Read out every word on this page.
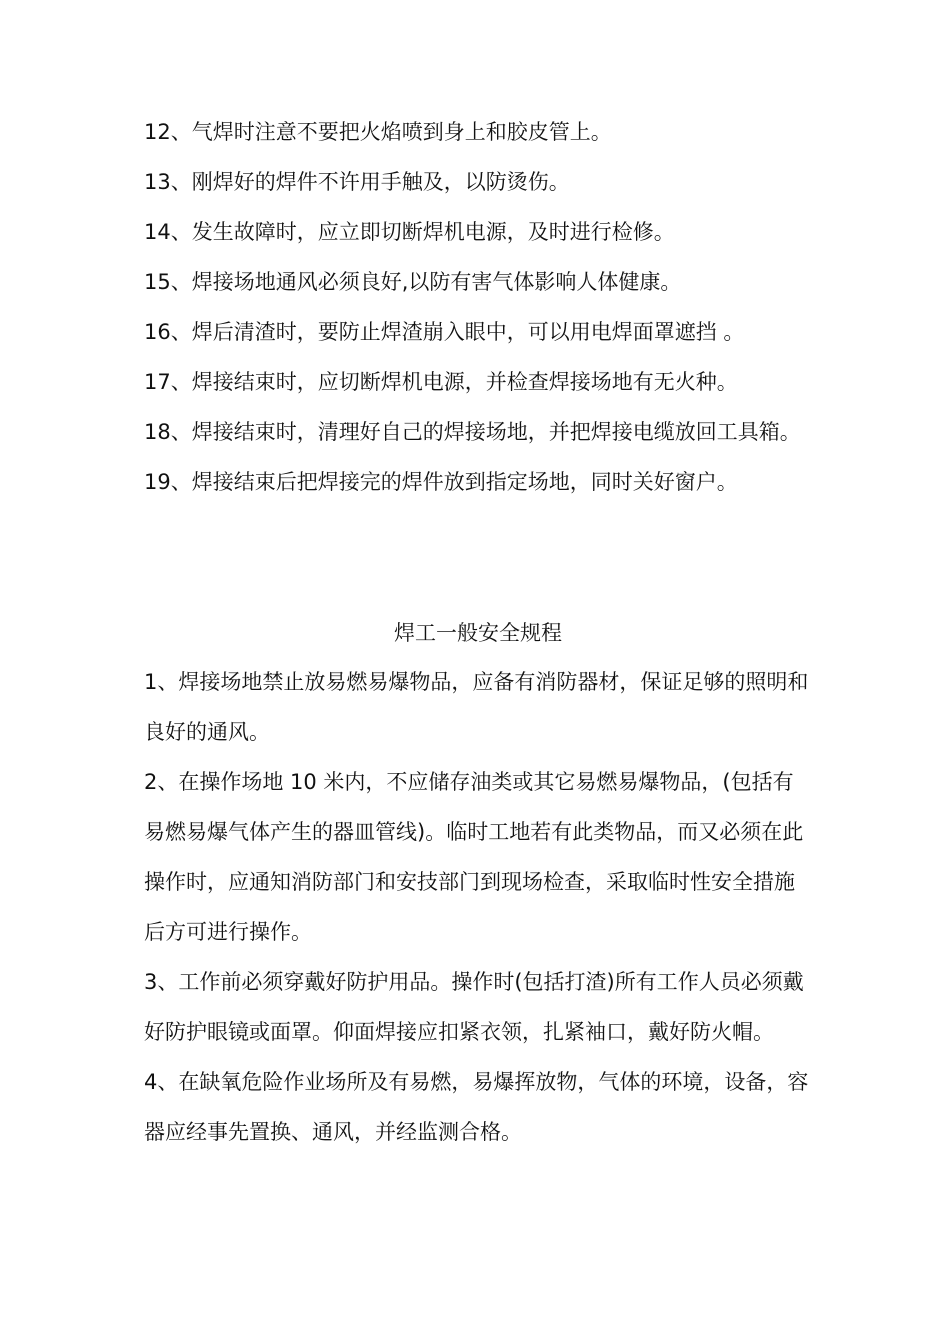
12、气焊时注意不要把火焰喷到身上和胶皮管上。

13、刚焊好的焊件不许用手触及，以防烫伤。

14、发生故障时，应立即切断焊机电源，及时进行检修。

15、焊接场地通风必须良好,以防有害气体影响人体健康。

16、焊后清渣时，要防止焊渣崩入眼中，可以用电焊面罩遮挡 。

17、焊接结束时，应切断焊机电源，并检查焊接场地有无火种。

18、焊接结束时，清理好自己的焊接场地，并把焊接电缆放回工具箱。

19、焊接结束后把焊接完的焊件放到指定场地，同时关好窗户。

焊工一般安全规程

1、焊接场地禁止放易燃易爆物品，应备有消防器材，保证足够的照明和良好的通风。

2、在操作场地 10 米内，不应储存油类或其它易燃易爆物品，(包括有易燃易爆气体产生的器皿管线)。临时工地若有此类物品，而又必须在此操作时，应通知消防部门和安技部门到现场检查，采取临时性安全措施后方可进行操作。

3、工作前必须穿戴好防护用品。操作时(包括打渣)所有工作人员必须戴好防护眼镜或面罩。仰面焊接应扣紧衣领，扎紧袖口，戴好防火帽。

4、在缺氧危险作业场所及有易燃，易爆挥放物，气体的环境，设备，容器应经事先置换、通风，并经监测合格。
